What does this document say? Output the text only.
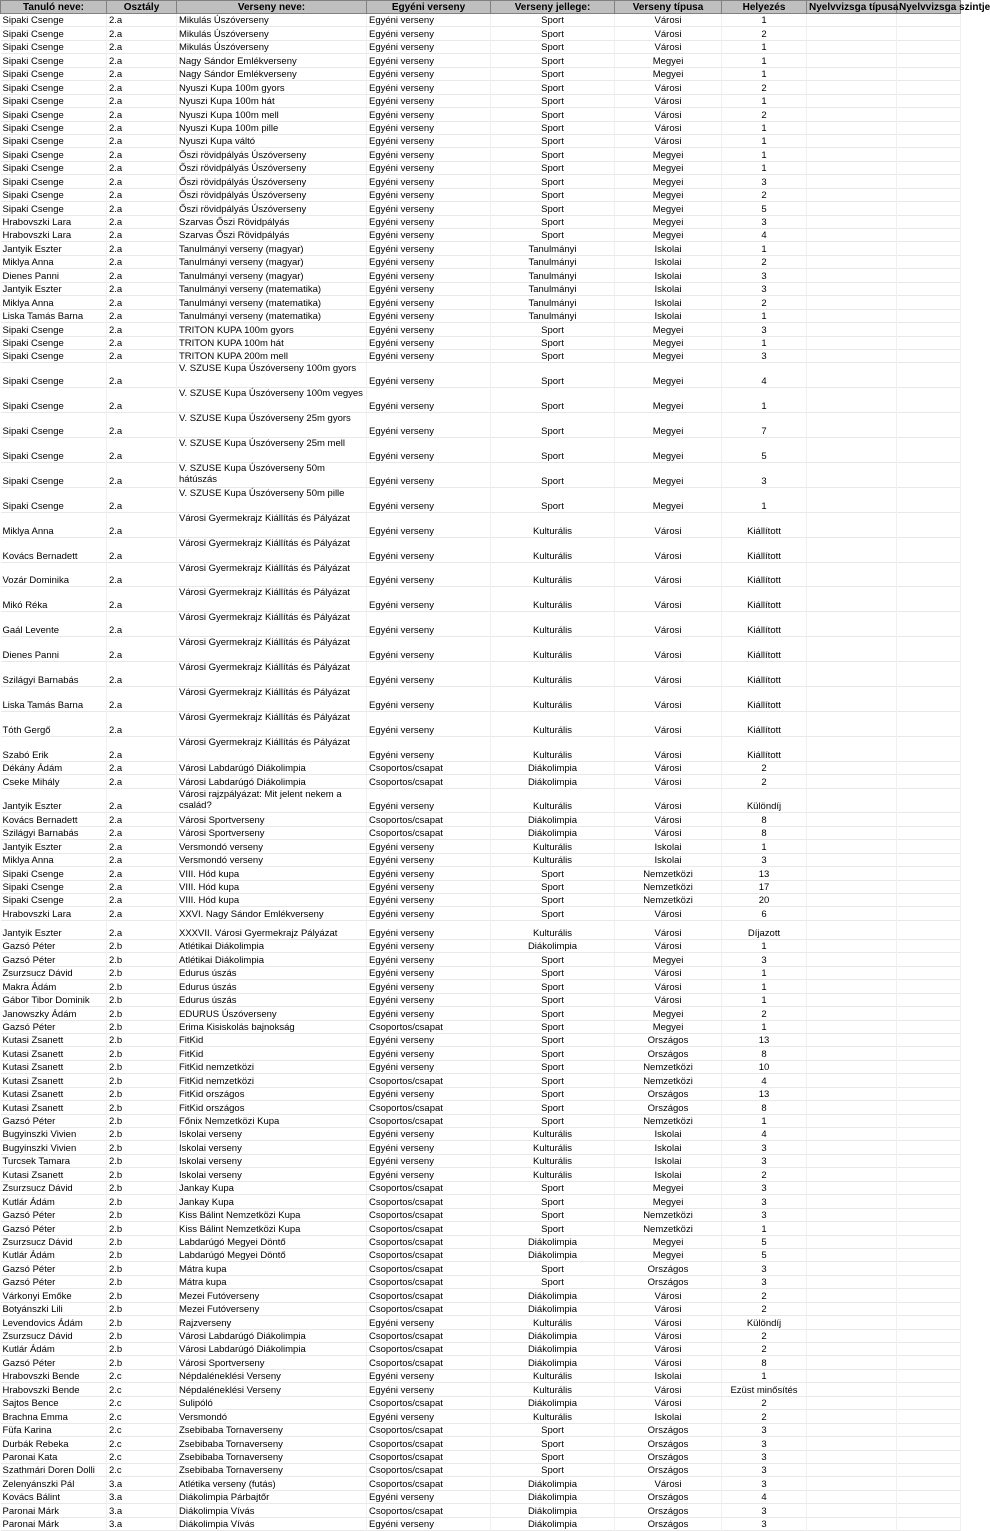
Tanuló neve:	Osztály	Verseny neve:	Egyéni verseny	Verseny jellege:	Verseny típusa	Helyezés	Nyelvvizsga típusa	Nyelvvizsga szintje
Sipaki Csenge	2.a	Mikulás Úszóverseny	Egyéni verseny	Sport	Városi	1		
Sipaki Csenge	2.a	Mikulás Úszóverseny	Egyéni verseny	Sport	Városi	2		
Sipaki Csenge	2.a	Mikulás Úszóverseny	Egyéni verseny	Sport	Városi	1		
Sipaki Csenge	2.a	Nagy Sándor Emlékverseny	Egyéni verseny	Sport	Megyei	1		
Sipaki Csenge	2.a	Nagy Sándor Emlékverseny	Egyéni verseny	Sport	Megyei	1		
Sipaki Csenge	2.a	Nyuszi Kupa 100m gyors	Egyéni verseny	Sport	Városi	2		
Sipaki Csenge	2.a	Nyuszi Kupa 100m hát	Egyéni verseny	Sport	Városi	1		
Sipaki Csenge	2.a	Nyuszi Kupa 100m mell	Egyéni verseny	Sport	Városi	2		
Sipaki Csenge	2.a	Nyuszi Kupa 100m pille	Egyéni verseny	Sport	Városi	1		
Sipaki Csenge	2.a	Nyuszi Kupa váltó	Egyéni verseny	Sport	Városi	1		
Sipaki Csenge	2.a	Őszi rövidpályás Úszóverseny	Egyéni verseny	Sport	Megyei	1		
Sipaki Csenge	2.a	Őszi rövidpályás Úszóverseny	Egyéni verseny	Sport	Megyei	1		
Sipaki Csenge	2.a	Őszi rövidpályás Úszóverseny	Egyéni verseny	Sport	Megyei	3		
Sipaki Csenge	2.a	Őszi rövidpályás Úszóverseny	Egyéni verseny	Sport	Megyei	2		
Sipaki Csenge	2.a	Őszi rövidpályás Úszóverseny	Egyéni verseny	Sport	Megyei	5		
Hrabovszki Lara	2.a	Szarvas Őszi Rövidpályás	Egyéni verseny	Sport	Megyei	3		
Hrabovszki Lara	2.a	Szarvas Őszi Rövidpályás	Egyéni verseny	Sport	Megyei	4		
Jantyik Eszter	2.a	Tanulmányi verseny (magyar)	Egyéni verseny	Tanulmányi	Iskolai	1		
Miklya Anna	2.a	Tanulmányi verseny (magyar)	Egyéni verseny	Tanulmányi	Iskolai	2		
Dienes Panni	2.a	Tanulmányi verseny (magyar)	Egyéni verseny	Tanulmányi	Iskolai	3		
Jantyik Eszter	2.a	Tanulmányi verseny (matematika)	Egyéni verseny	Tanulmányi	Iskolai	3		
Miklya Anna	2.a	Tanulmányi verseny (matematika)	Egyéni verseny	Tanulmányi	Iskolai	2		
Liska Tamás Barna	2.a	Tanulmányi verseny (matematika)	Egyéni verseny	Tanulmányi	Iskolai	1		
Sipaki Csenge	2.a	TRITON KUPA 100m gyors	Egyéni verseny	Sport	Megyei	3		
Sipaki Csenge	2.a	TRITON KUPA 100m hát	Egyéni verseny	Sport	Megyei	1		
Sipaki Csenge	2.a	TRITON KUPA 200m mell	Egyéni verseny	Sport	Megyei	3		
Sipaki Csenge	2.a	V. SZUSE Kupa Úszóverseny 100m gyors	Egyéni verseny	Sport	Megyei	4		
Sipaki Csenge	2.a	V. SZUSE Kupa Úszóverseny 100m vegyes	Egyéni verseny	Sport	Megyei	1		
Sipaki Csenge	2.a	V. SZUSE Kupa Úszóverseny 25m gyors	Egyéni verseny	Sport	Megyei	7		
Sipaki Csenge	2.a	V. SZUSE Kupa Úszóverseny 25m mell	Egyéni verseny	Sport	Megyei	5		
Sipaki Csenge	2.a	V. SZUSE Kupa Úszóverseny 50m hátúszás	Egyéni verseny	Sport	Megyei	3		
Sipaki Csenge	2.a	V. SZUSE Kupa Úszóverseny 50m pille	Egyéni verseny	Sport	Megyei	1		
Miklya Anna	2.a	Városi Gyermekrajz Kiállítás és Pályázat	Egyéni verseny	Kulturális	Városi	Kiállított		
Kovács Bernadett	2.a	Városi Gyermekrajz Kiállítás és Pályázat	Egyéni verseny	Kulturális	Városi	Kiállított		
Vozár Dominika	2.a	Városi Gyermekrajz Kiállítás és Pályázat	Egyéni verseny	Kulturális	Városi	Kiállított		
Mikó Réka	2.a	Városi Gyermekrajz Kiállítás és Pályázat	Egyéni verseny	Kulturális	Városi	Kiállított		
Gaál Levente	2.a	Városi Gyermekrajz Kiállítás és Pályázat	Egyéni verseny	Kulturális	Városi	Kiállított		
Dienes Panni	2.a	Városi Gyermekrajz Kiállítás és Pályázat	Egyéni verseny	Kulturális	Városi	Kiállított		
Szilágyi Barnabás	2.a	Városi Gyermekrajz Kiállítás és Pályázat	Egyéni verseny	Kulturális	Városi	Kiállított		
Liska Tamás Barna	2.a	Városi Gyermekrajz Kiállítás és Pályázat	Egyéni verseny	Kulturális	Városi	Kiállított		
Tóth Gergő	2.a	Városi Gyermekrajz Kiállítás és Pályázat	Egyéni verseny	Kulturális	Városi	Kiállított		
Szabó Erik	2.a	Városi Gyermekrajz Kiállítás és Pályázat	Egyéni verseny	Kulturális	Városi	Kiállított		
Dékány Ádám	2.a	Városi Labdarúgó Diákolimpia	Csoportos/csapat	Diákolimpia	Városi	2		
Cseke Mihály	2.a	Városi Labdarúgó Diákolimpia	Csoportos/csapat	Diákolimpia	Városi	2		
Jantyik Eszter	2.a	Városi rajzpályázat: Mit jelent nekem a család?	Egyéni verseny	Kulturális	Városi	Különdíj		
Kovács Bernadett	2.a	Városi Sportverseny	Csoportos/csapat	Diákolimpia	Városi	8		
Szilágyi Barnabás	2.a	Városi Sportverseny	Csoportos/csapat	Diákolimpia	Városi	8		
Jantyik Eszter	2.a	Versmondó verseny	Egyéni verseny	Kulturális	Iskolai	1		
Miklya Anna	2.a	Versmondó verseny	Egyéni verseny	Kulturális	Iskolai	3		
Sipaki Csenge	2.a	VIII. Hód kupa	Egyéni verseny	Sport	Nemzetközi	13		
Sipaki Csenge	2.a	VIII. Hód kupa	Egyéni verseny	Sport	Nemzetközi	17		
Sipaki Csenge	2.a	VIII. Hód kupa	Egyéni verseny	Sport	Nemzetközi	20		
Hrabovszki Lara	2.a	XXVI. Nagy Sándor Emlékverseny	Egyéni verseny	Sport	Városi	6		
Jantyik Eszter	2.a	XXXVII. Városi Gyermekrajz Pályázat	Egyéni verseny	Kulturális	Városi	Díjazott		
Gazsó Péter	2.b	Atlétikai Diákolimpia	Egyéni verseny	Diákolimpia	Városi	1		
Gazsó Péter	2.b	Atlétikai Diákolimpia	Egyéni verseny	Sport	Megyei	3		
Zsurzsucz Dávid	2.b	Edurus úszás	Egyéni verseny	Sport	Városi	1		
Makra Ádám	2.b	Edurus úszás	Egyéni verseny	Sport	Városi	1		
Gábor Tibor Dominik	2.b	Edurus úszás	Egyéni verseny	Sport	Városi	1		
Janowszky Ádám	2.b	EDURUS Úszóverseny	Egyéni verseny	Sport	Megyei	2		
Gazsó Péter	2.b	Erima Kisiskolás bajnokság	Csoportos/csapat	Sport	Megyei	1		
Kutasi Zsanett	2.b	FitKid	Egyéni verseny	Sport	Országos	13		
Kutasi Zsanett	2.b	FitKid	Egyéni verseny	Sport	Országos	8		
Kutasi Zsanett	2.b	FitKid nemzetközi	Egyéni verseny	Sport	Nemzetközi	10		
Kutasi Zsanett	2.b	FitKid nemzetközi	Csoportos/csapat	Sport	Nemzetközi	4		
Kutasi Zsanett	2.b	FitKid országos	Egyéni verseny	Sport	Országos	13		
Kutasi Zsanett	2.b	FitKid országos	Csoportos/csapat	Sport	Országos	8		
Gazsó Péter	2.b	Főnix Nemzetközi Kupa	Csoportos/csapat	Sport	Nemzetközi	1		
Bugyinszki Vivien	2.b	Iskolai verseny	Egyéni verseny	Kulturális	Iskolai	4		
Bugyinszki Vivien	2.b	Iskolai verseny	Egyéni verseny	Kulturális	Iskolai	3		
Turcsek Tamara	2.b	Iskolai verseny	Egyéni verseny	Kulturális	Iskolai	3		
Kutasi Zsanett	2.b	Iskolai verseny	Egyéni verseny	Kulturális	Iskolai	2		
Zsurzsucz Dávid	2.b	Jankay Kupa	Csoportos/csapat	Sport	Megyei	3		
Kutlár Ádám	2.b	Jankay Kupa	Csoportos/csapat	Sport	Megyei	3		
Gazsó Péter	2.b	Kiss Bálint Nemzetközi Kupa	Csoportos/csapat	Sport	Nemzetközi	3		
Gazsó Péter	2.b	Kiss Bálint Nemzetközi Kupa	Csoportos/csapat	Sport	Nemzetközi	1		
Zsurzsucz Dávid	2.b	Labdarúgó Megyei Döntő	Csoportos/csapat	Diákolimpia	Megyei	5		
Kutlár Ádám	2.b	Labdarúgó Megyei Döntő	Csoportos/csapat	Diákolimpia	Megyei	5		
Gazsó Péter	2.b	Mátra kupa	Csoportos/csapat	Sport	Országos	3		
Gazsó Péter	2.b	Mátra kupa	Csoportos/csapat	Sport	Országos	3		
Várkonyi Emőke	2.b	Mezei Futóverseny	Csoportos/csapat	Diákolimpia	Városi	2		
Botyánszki Lili	2.b	Mezei Futóverseny	Csoportos/csapat	Diákolimpia	Városi	2		
Levendovics Ádám	2.b	Rajzverseny	Egyéni verseny	Kulturális	Városi	Különdíj		
Zsurzsucz Dávid	2.b	Városi Labdarúgó Diákolimpia	Csoportos/csapat	Diákolimpia	Városi	2		
Kutlár Ádám	2.b	Városi Labdarúgó Diákolimpia	Csoportos/csapat	Diákolimpia	Városi	2		
Gazsó Péter	2.b	Városi Sportverseny	Csoportos/csapat	Diákolimpia	Városi	8		
Hrabovszki Bende	2.c	Népdaléneklési Verseny	Egyéni verseny	Kulturális	Iskolai	1		
Hrabovszki Bende	2.c	Népdaléneklési Verseny	Egyéni verseny	Kulturális	Városi	Ezüst minősítés		
Sajtos Bence	2.c	Sulipóló	Csoportos/csapat	Diákolimpia	Városi	2		
Brachna Emma	2.c	Versmondó	Egyéni verseny	Kulturális	Iskolai	2		
Füfa Karina	2.c	Zsebibaba Tornaverseny	Csoportos/csapat	Sport	Országos	3		
Durbák Rebeka	2.c	Zsebibaba Tornaverseny	Csoportos/csapat	Sport	Országos	3		
Paronai Kata	2.c	Zsebibaba Tornaverseny	Csoportos/csapat	Sport	Országos	3		
Szathmári Doren Dolli	2.c	Zsebibaba Tornaverseny	Csoportos/csapat	Sport	Országos	3		
Zelenyánszki Pál	3.a	Atlétika verseny (futás)	Csoportos/csapat	Diákolimpia	Városi	3		
Kovács Bálint	3.a	Diákolimpia Párbajtőr	Egyéni verseny	Diákolimpia	Országos	4		
Paronai Márk	3.a	Diákolimpia Vívás	Csoportos/csapat	Diákolimpia	Országos	3		
Paronai Márk	3.a	Diákolimpia Vívás	Egyéni verseny	Diákolimpia	Országos	3		
